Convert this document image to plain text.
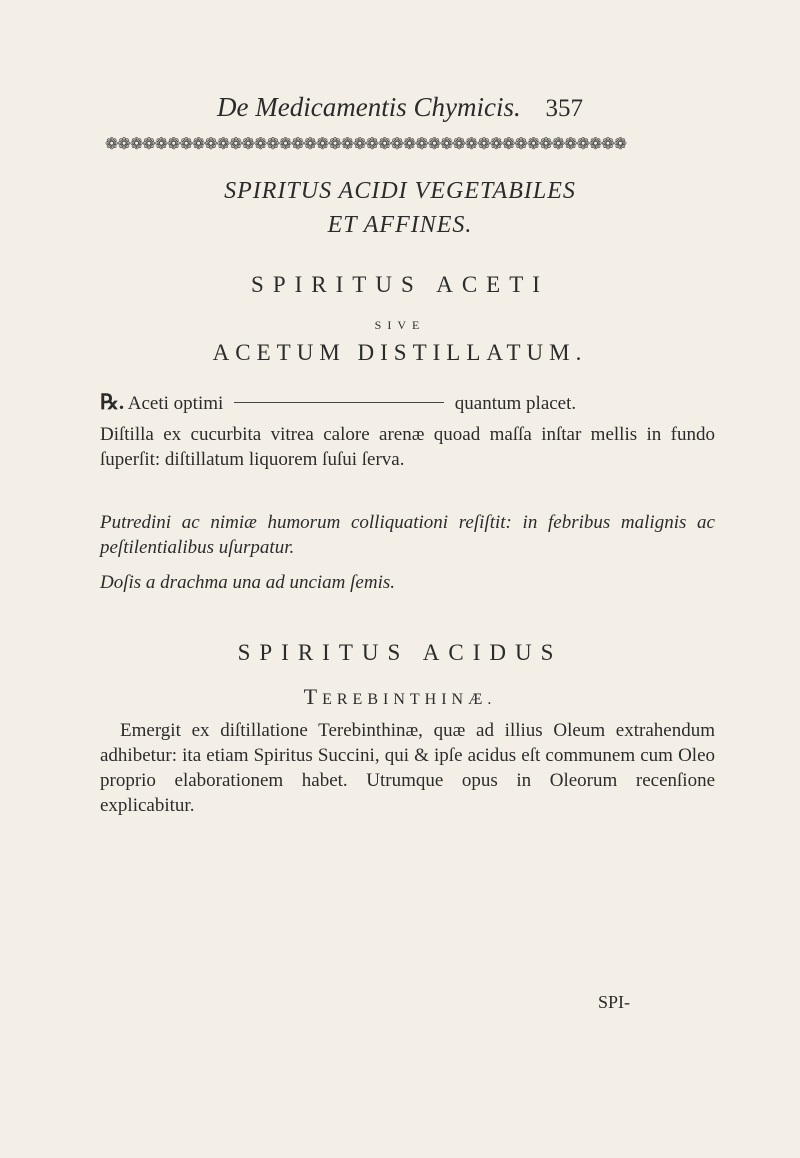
De Medicamentis Chymicis. 357
❁❁❁❁❁❁❁❁❁❁❁❁❁❁❁❁❁❁❁❁❁❁❁❁❁❁❁❁❁❁❁❁❁❁❁❁❁❁❁❁❁❁
SPIRITUS ACIDI VEGETABILES
ET AFFINES.
SPIRITUS ACETI
SIVE
ACETUM DISTILLATUM.
℞. Aceti optimi	quantum placet.
Diſtilla ex cucurbita vitrea calore arenæ quoad maſſa inſtar mellis in fundo ſuperſit: diſtillatum liquorem ſuſui ſerva.
Putredini ac nimiæ humorum colliquationi reſiſtit: in febribus malignis ac peſtilentialibus uſurpatur.
Doſis a drachma una ad unciam ſemis.
SPIRITUS ACIDUS
TEREBINTHINÆ.
Emergit ex diſtillatione Terebinthinæ, quæ ad illius Oleum extrahendum adhibetur: ita etiam Spiritus Succini, qui & ipſe acidus eſt communem cum Oleo proprio elaborationem habet. Utrumque opus in Oleorum recenſione explicabitur.
SPI-
